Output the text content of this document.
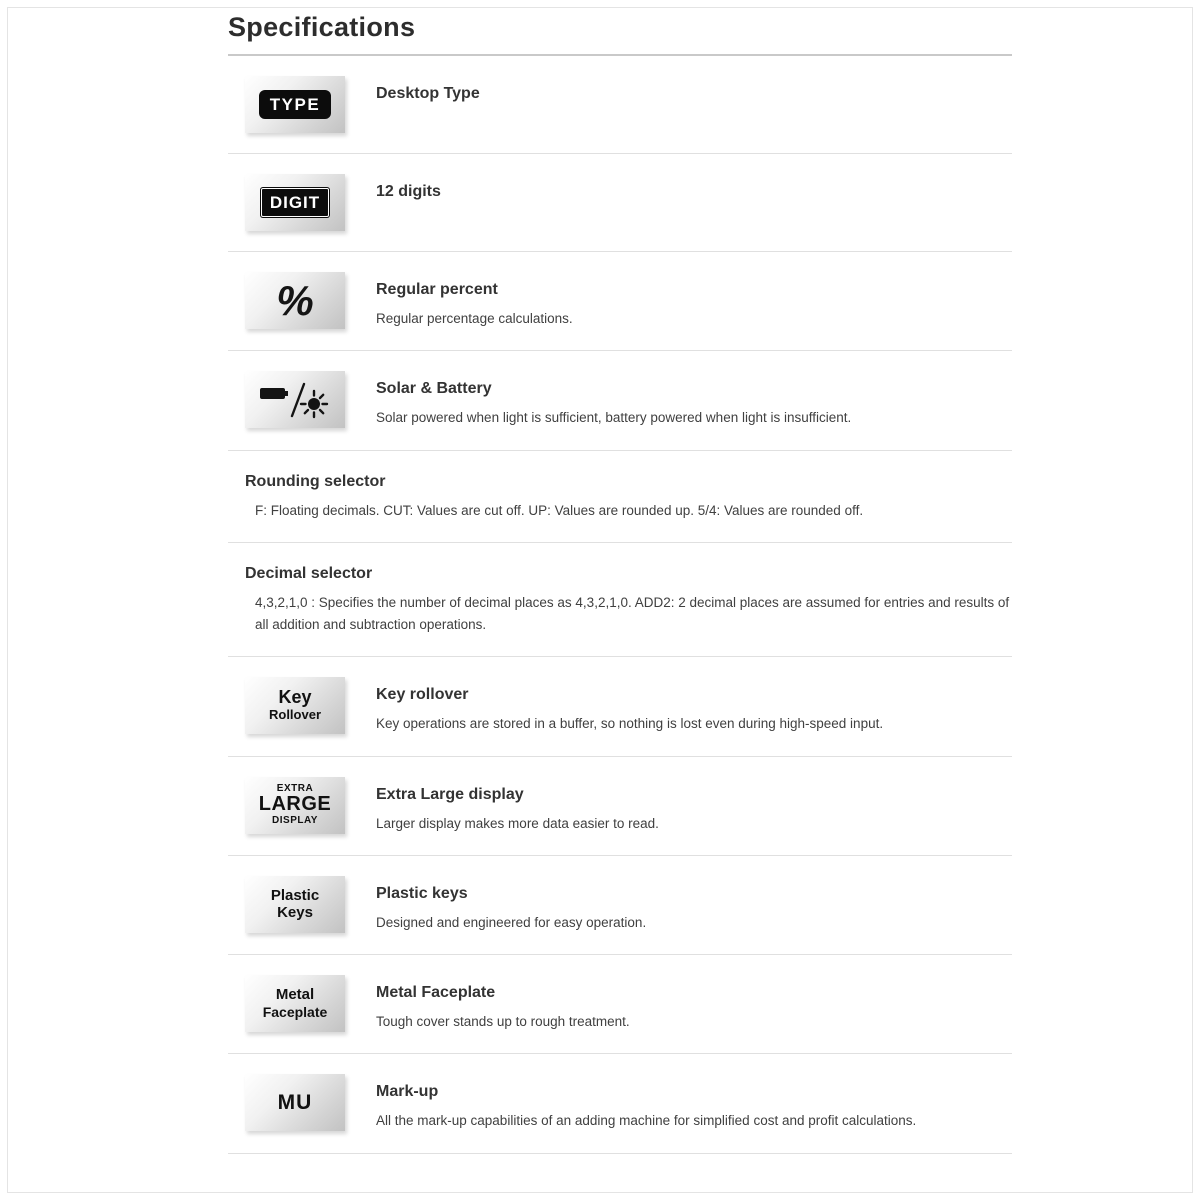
Specifications
TYPE
Desktop Type
DIGIT
12 digits
%	Regular percent

Regular percentage calculations.

Solar & Battery

Solar powered when light is sufficient, battery powered when light is insufficient.

Rounding selector

F: Floating decimals. CUT: Values are cut off. UP: Values are rounded up. 5/4: Values are rounded off.

Decimal selector

4,3,2,1,0 : Specifies the number of decimal places as 4,3,2,1,0. ADD2: 2 decimal places are assumed for entries and results of all addition and subtraction operations.

Key
Rollover
Key rollover

Key operations are stored in a buffer, so nothing is lost even during high-speed input.

EXTRA
LARGE
DISPLAY
Extra Large display

Larger display makes more data easier to read.

Plastic
Keys
Plastic keys

Designed and engineered for easy operation.

Metal
Faceplate
Metal Faceplate

Tough cover stands up to rough treatment.

MU	Mark-up

All the mark-up capabilities of an adding machine for simplified cost and profit calculations.
